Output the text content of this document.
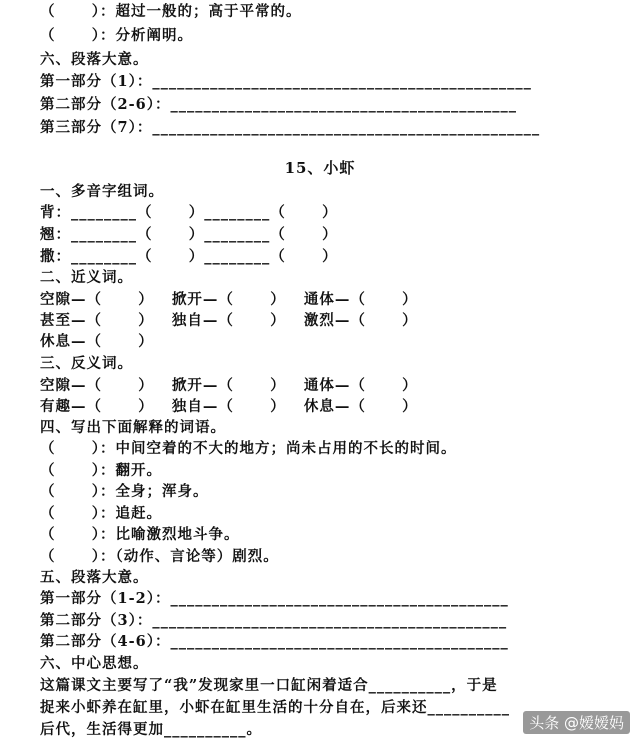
（      ）：超过一般的；高于平常的。
（      ）：分析阐明。
六、段落大意。
第一部分（1）：______________________________________________
第二部分（2-6）：__________________________________________
第三部分（7）：_______________________________________________
15、小虾
一、多音字组词。
背：________（      ）________（      ）
翘：________（      ）________（      ）
撒：________（      ）________（      ）
二、近义词。
空隙—（      ）   掀开—（      ）   通体—（      ）
甚至—（      ）   独自—（      ）   激烈—（      ）
休息—（      ）
三、反义词。
空隙—（      ）   掀开—（      ）   通体—（      ）
有趣—（      ）   独自—（      ）   休息—（      ）
四、写出下面解释的词语。
（      ）：中间空着的不大的地方；尚未占用的不长的时间。
（      ）：翻开。
（      ）：全身；浑身。
（      ）：追赶。
（      ）：比喻激烈地斗争。
（      ）：（动作、言论等）剧烈。
五、段落大意。
第一部分（1-2）：_________________________________________
第二部分（3）：___________________________________________
第二部分（4-6）：_________________________________________
六、中心思想。
这篇课文主要写了“我”发现家里一口缸闲着适合__________，于是
捉来小虾养在缸里，小虾在缸里生活的十分自在，后来还__________
后代，生活得更加__________。	头条 @嫒嫒妈
